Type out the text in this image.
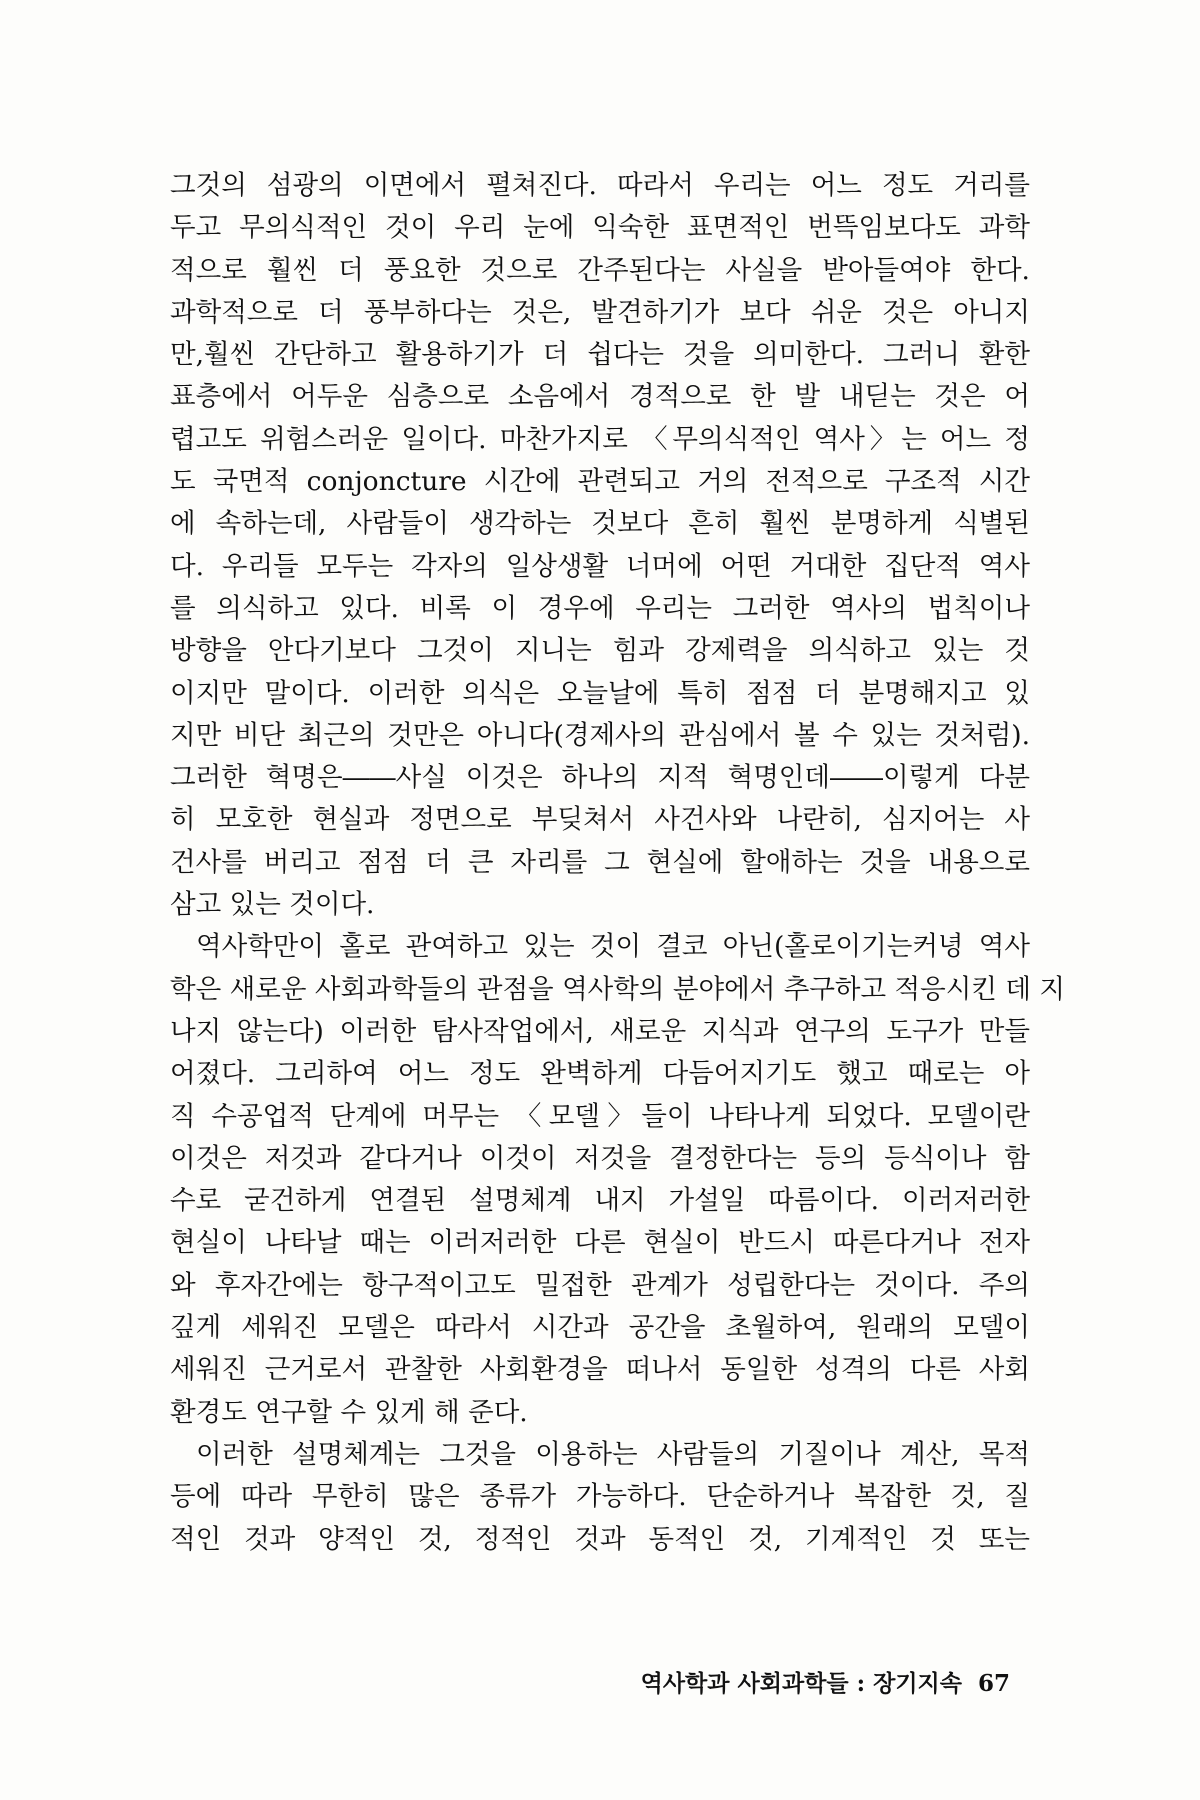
그것의 섬광의 이면에서 펼쳐진다. 따라서 우리는 어느 정도 거리를
두고 무의식적인 것이 우리 눈에 익숙한 표면적인 번뜩임보다도 과학
적으로 훨씬 더 풍요한 것으로 간주된다는 사실을 받아들여야 한다.
과학적으로 더 풍부하다는 것은, 발견하기가 보다 쉬운 것은 아니지
만,훨씬 간단하고 활용하기가 더 쉽다는 것을 의미한다. 그러니 환한
표층에서 어두운 심층으로 소음에서 경적으로 한 발 내딛는 것은 어
렵고도 위험스러운 일이다. 마찬가지로 〈무의식적인 역사〉는 어느 정
도 국면적 conjoncture 시간에 관련되고 거의 전적으로 구조적 시간
에 속하는데, 사람들이 생각하는 것보다 흔히 훨씬 분명하게 식별된
다. 우리들 모두는 각자의 일상생활 너머에 어떤 거대한 집단적 역사
를 의식하고 있다. 비록 이 경우에 우리는 그러한 역사의 법칙이나
방향을 안다기보다 그것이 지니는 힘과 강제력을 의식하고 있는 것
이지만 말이다. 이러한 의식은 오늘날에 특히 점점 더 분명해지고 있
지만 비단 최근의 것만은 아니다(경제사의 관심에서 볼 수 있는 것처럼).
그러한 혁명은――사실 이것은 하나의 지적 혁명인데――이렇게 다분
히 모호한 현실과 정면으로 부딪쳐서 사건사와 나란히, 심지어는 사
건사를 버리고 점점 더 큰 자리를 그 현실에 할애하는 것을 내용으로
삼고 있는 것이다.
역사학만이 홀로 관여하고 있는 것이 결코 아닌(홀로이기는커녕 역사
학은 새로운 사회과학들의 관점을 역사학의 분야에서 추구하고 적응시킨 데 지
나지 않는다) 이러한 탐사작업에서, 새로운 지식과 연구의 도구가 만들
어졌다. 그리하여 어느 정도 완벽하게 다듬어지기도 했고 때로는 아
직 수공업적 단계에 머무는 〈모델〉들이 나타나게 되었다. 모델이란
이것은 저것과 같다거나 이것이 저것을 결정한다는 등의 등식이나 함
수로 굳건하게 연결된 설명체계 내지 가설일 따름이다. 이러저러한
현실이 나타날 때는 이러저러한 다른 현실이 반드시 따른다거나 전자
와 후자간에는 항구적이고도 밀접한 관계가 성립한다는 것이다. 주의
깊게 세워진 모델은 따라서 시간과 공간을 초월하여, 원래의 모델이
세워진 근거로서 관찰한 사회환경을 떠나서 동일한 성격의 다른 사회
환경도 연구할 수 있게 해 준다.
이러한 설명체계는 그것을 이용하는 사람들의 기질이나 계산, 목적
등에 따라 무한히 많은 종류가 가능하다. 단순하거나 복잡한 것, 질
적인 것과 양적인 것, 정적인 것과 동적인 것, 기계적인 것 또는
역사학과 사회과학들 : 장기지속 67
